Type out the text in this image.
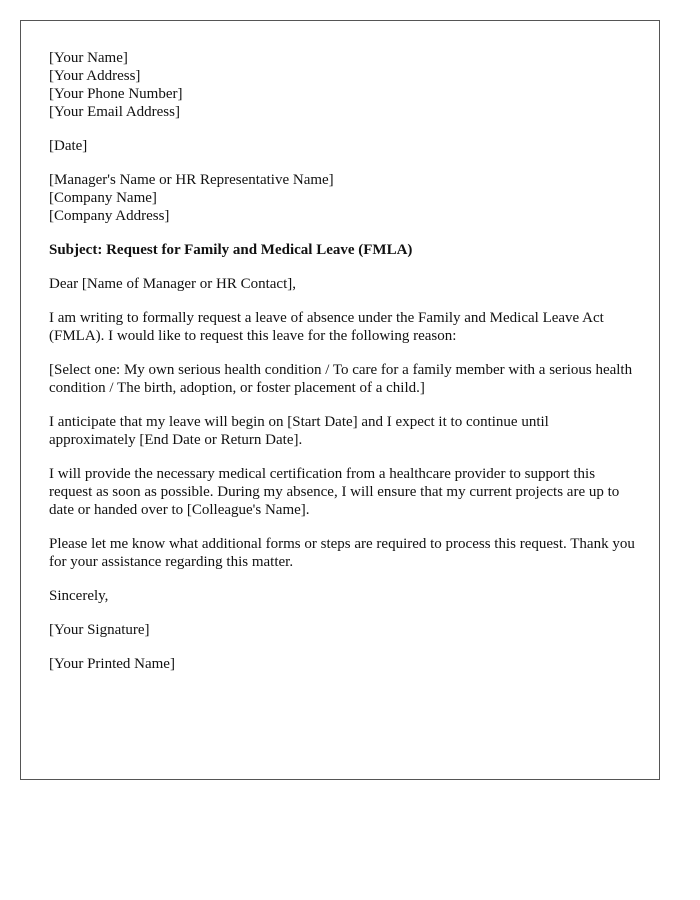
[Your Name]
[Your Address]
[Your Phone Number]
[Your Email Address]
[Date]
[Manager's Name or HR Representative Name]
[Company Name]
[Company Address]
Subject: Request for Family and Medical Leave (FMLA)

Dear [Name of Manager or HR Contact],

I am writing to formally request a leave of absence under the Family and Medical Leave Act (FMLA). I would like to request this leave for the following reason:

[Select one: My own serious health condition / To care for a family member with a serious health condition / The birth, adoption, or foster placement of a child.]

I anticipate that my leave will begin on [Start Date] and I expect it to continue until approximately [End Date or Return Date].

I will provide the necessary medical certification from a healthcare provider to support this request as soon as possible. During my absence, I will ensure that my current projects are up to date or handed over to [Colleague's Name].

Please let me know what additional forms or steps are required to process this request. Thank you for your assistance regarding this matter.

Sincerely,

[Your Signature]

[Your Printed Name]
